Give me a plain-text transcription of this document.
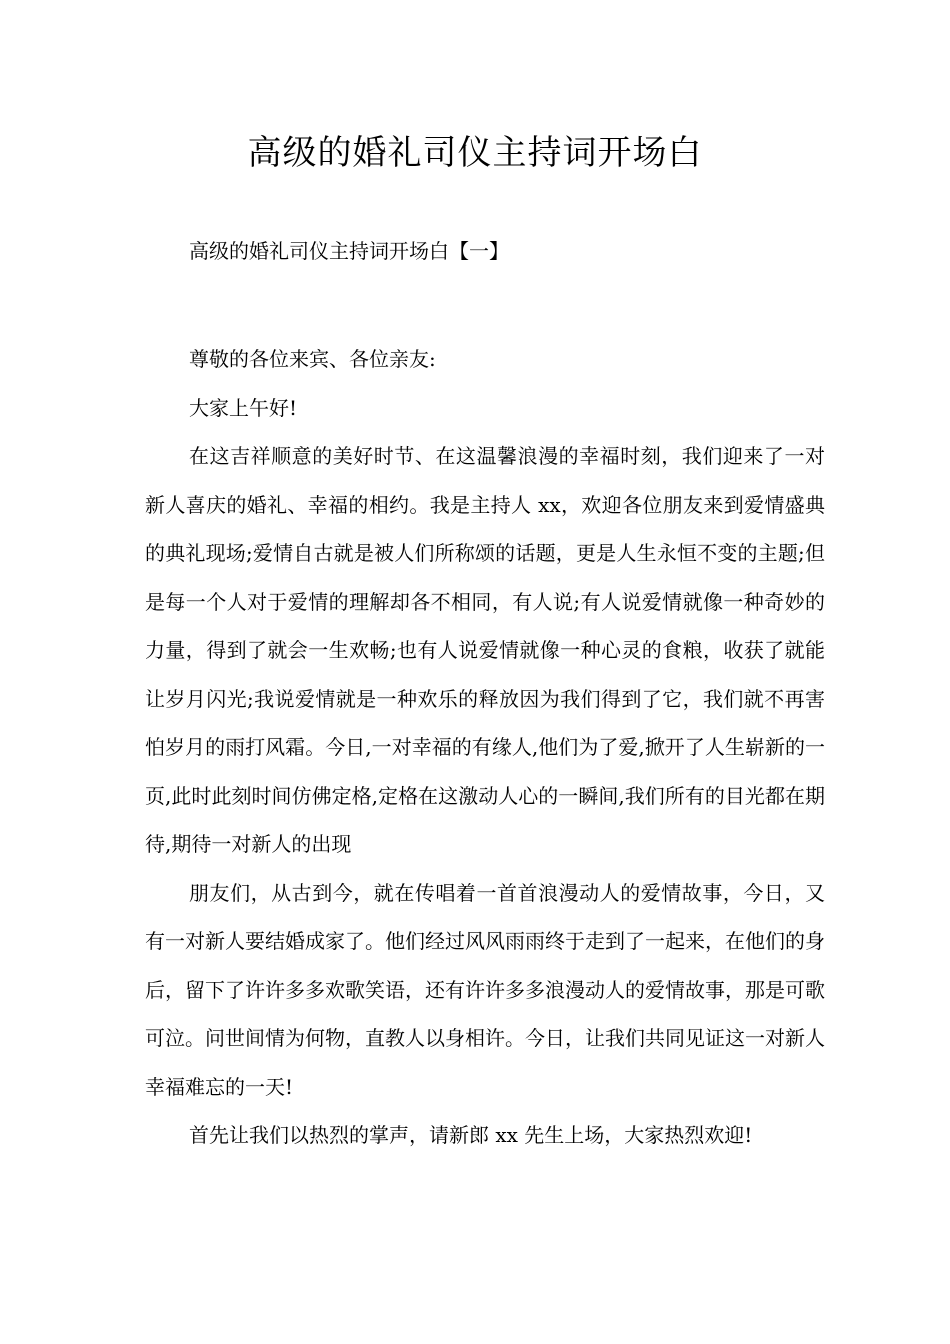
高级的婚礼司仪主持词开场白
高级的婚礼司仪主持词开场白【一】

尊敬的各位来宾、各位亲友:

大家上午好!

在这吉祥顺意的美好时节、在这温馨浪漫的幸福时刻，我们迎来了一对新人喜庆的婚礼、幸福的相约。我是主持人 xx，欢迎各位朋友来到爱情盛典的典礼现场;爱情自古就是被人们所称颂的话题，更是人生永恒不变的主题;但是每一个人对于爱情的理解却各不相同，有人说;有人说爱情就像一种奇妙的力量，得到了就会一生欢畅;也有人说爱情就像一种心灵的食粮，收获了就能让岁月闪光;我说爱情就是一种欢乐的释放因为我们得到了它，我们就不再害怕岁月的雨打风霜。今日,一对幸福的有缘人,他们为了爱,掀开了人生崭新的一页,此时此刻时间仿佛定格,定格在这激动人心的一瞬间,我们所有的目光都在期待,期待一对新人的出现

朋友们，从古到今，就在传唱着一首首浪漫动人的爱情故事，今日，又有一对新人要结婚成家了。他们经过风风雨雨终于走到了一起来，在他们的身后，留下了许许多多欢歌笑语，还有许许多多浪漫动人的爱情故事，那是可歌可泣。问世间情为何物，直教人以身相许。今日，让我们共同见证这一对新人幸福难忘的一天!

首先让我们以热烈的掌声，请新郎 xx 先生上场，大家热烈欢迎!
